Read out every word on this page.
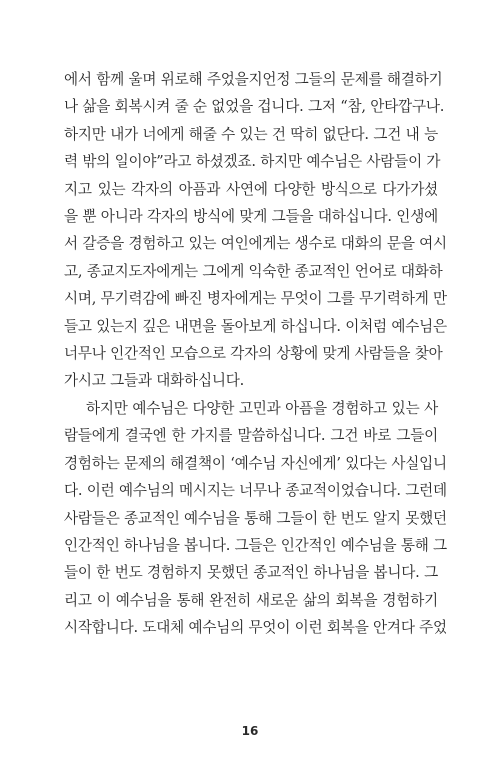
에서 함께 울며 위로해 주었을지언정 그들의 문제를 해결하기
나 삶을 회복시켜 줄 순 없었을 겁니다. 그저 “참, 안타깝구나.
하지만 내가 너에게 해줄 수 있는 건 딱히 없단다. 그건 내 능
력 밖의 일이야”라고 하셨겠죠. 하지만 예수님은 사람들이 가
지고 있는 각자의 아픔과 사연에 다양한 방식으로 다가가셨
을 뿐 아니라 각자의 방식에 맞게 그들을 대하십니다. 인생에
서 갈증을 경험하고 있는 여인에게는 생수로 대화의 문을 여시
고, 종교지도자에게는 그에게 익숙한 종교적인 언어로 대화하
시며, 무기력감에 빠진 병자에게는 무엇이 그를 무기력하게 만
들고 있는지 깊은 내면을 돌아보게 하십니다. 이처럼 예수님은
너무나 인간적인 모습으로 각자의 상황에 맞게 사람들을 찾아
가시고 그들과 대화하십니다.

하지만 예수님은 다양한 고민과 아픔을 경험하고 있는 사
람들에게 결국엔 한 가지를 말씀하십니다. 그건 바로 그들이
경험하는 문제의 해결책이 ‘예수님 자신에게’ 있다는 사실입니
다. 이런 예수님의 메시지는 너무나 종교적이었습니다. 그런데
사람들은 종교적인 예수님을 통해 그들이 한 번도 알지 못했던
인간적인 하나님을 봅니다. 그들은 인간적인 예수님을 통해 그
들이 한 번도 경험하지 못했던 종교적인 하나님을 봅니다. 그
리고 이 예수님을 통해 완전히 새로운 삶의 회복을 경험하기
시작합니다. 도대체 예수님의 무엇이 이런 회복을 안겨다 주었

16
